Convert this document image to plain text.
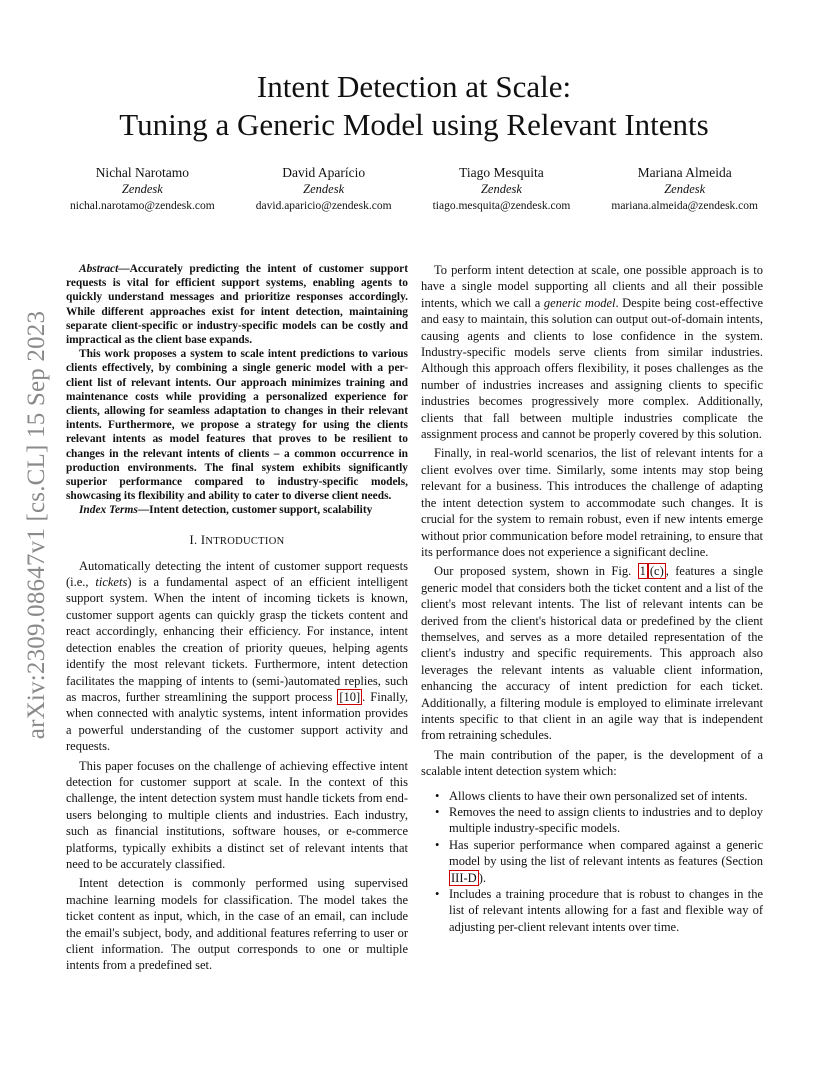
arXiv:2309.08647v1 [cs.CL] 15 Sep 2023
Intent Detection at Scale:
Tuning a Generic Model using Relevant Intents
Nichal Narotamo
Zendesk
nichal.narotamo@zendesk.com
David Aparício
Zendesk
david.aparicio@zendesk.com
Tiago Mesquita
Zendesk
tiago.mesquita@zendesk.com
Mariana Almeida
Zendesk
mariana.almeida@zendesk.com

Abstract—Accurately predicting the intent of customer support requests is vital for efficient support systems, enabling agents to quickly understand messages and prioritize responses accordingly. While different approaches exist for intent detection, maintaining separate client-specific or industry-specific models can be costly and impractical as the client base expands.

This work proposes a system to scale intent predictions to various clients effectively, by combining a single generic model with a per-client list of relevant intents. Our approach minimizes training and maintenance costs while providing a personalized experience for clients, allowing for seamless adaptation to changes in their relevant intents. Furthermore, we propose a strategy for using the clients relevant intents as model features that proves to be resilient to changes in the relevant intents of clients – a common occurrence in production environments. The final system exhibits significantly superior performance compared to industry-specific models, showcasing its flexibility and ability to cater to diverse client needs.

Index Terms—Intent detection, customer support, scalability

I. INTRODUCTION

Automatically detecting the intent of customer support requests (i.e., tickets) is a fundamental aspect of an efficient intelligent support system. When the intent of incoming tickets is known, customer support agents can quickly grasp the tickets content and react accordingly, enhancing their efficiency. For instance, intent detection enables the creation of priority queues, helping agents identify the most relevant tickets. Furthermore, intent detection facilitates the mapping of intents to (semi-)automated replies, such as macros, further streamlining the support process [10] . Finally, when connected with analytic systems, intent information provides a powerful understanding of the customer support activity and requests.

This paper focuses on the challenge of achieving effective intent detection for customer support at scale. In the context of this challenge, the intent detection system must handle tickets from end-users belonging to multiple clients and industries. Each industry, such as financial institutions, software houses, or e-commerce platforms, typically exhibits a distinct set of relevant intents that need to be accurately classified.

Intent detection is commonly performed using supervised machine learning models for classification. The model takes the ticket content as input, which, in the case of an email, can include the email's subject, body, and additional features referring to user or client information. The output corresponds to one or multiple intents from a predefined set.

To perform intent detection at scale, one possible approach is to have a single model supporting all clients and all their possible intents, which we call a generic model. Despite being cost-effective and easy to maintain, this solution can output out-of-domain intents, causing agents and clients to lose confidence in the system. Industry-specific models serve clients from similar industries. Although this approach offers flexibility, it poses challenges as the number of industries increases and assigning clients to specific industries becomes progressively more complex. Additionally, clients that fall between multiple industries complicate the assignment process and cannot be properly covered by this solution.

Finally, in real-world scenarios, the list of relevant intents for a client evolves over time. Similarly, some intents may stop being relevant for a business. This introduces the challenge of adapting the intent detection system to accommodate such changes. It is crucial for the system to remain robust, even if new intents emerge without prior communication before model retraining, to ensure that its performance does not experience a significant decline.

Our proposed system, shown in Fig. 1 (c) , features a single generic model that considers both the ticket content and a list of the client's most relevant intents. The list of relevant intents can be derived from the client's historical data or predefined by the client themselves, and serves as a more detailed representation of the client's industry and specific requirements. This approach also leverages the relevant intents as valuable client information, enhancing the accuracy of intent prediction for each ticket. Additionally, a filtering module is employed to eliminate irrelevant intents specific to that client in an agile way that is independent from retraining schedules.

The main contribution of the paper, is the development of a scalable intent detection system which:

• Allows clients to have their own personalized set of intents.
• Removes the need to assign clients to industries and to deploy multiple industry-specific models.
• Has superior performance when compared against a generic model by using the list of relevant intents as features (Section III-D ).
• Includes a training procedure that is robust to changes in the list of relevant intents allowing for a fast and flexible way of adjusting per-client relevant intents over time.
